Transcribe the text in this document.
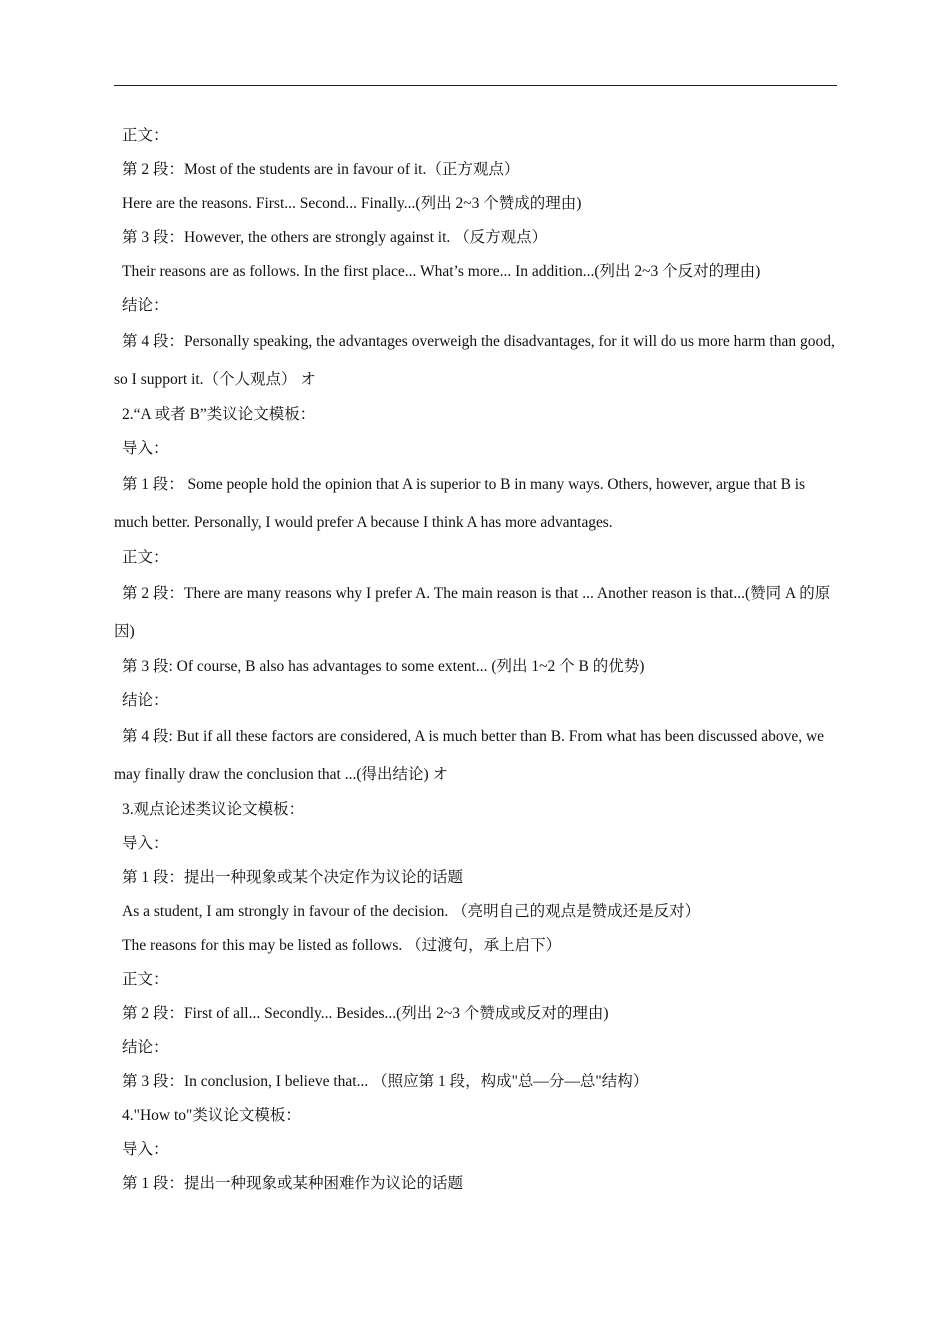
正文：
第 2 段：Most of the students are in favour of it.（正方观点）
Here are the reasons. First... Second... Finally...(列出 2~3 个赞成的理由)
第 3 段：However, the others are strongly against it. （反方观点）
Their reasons are as follows. In the first place... What’s more... In addition...(列出 2~3 个反对的理由)
结论：
第 4 段：Personally speaking, the advantages overweigh the disadvantages, for it will do us more harm than good, so I support it.（个人观点） オ
2.“A 或者 B”类议论文模板：
导入：
第 1 段： Some people hold the opinion that A is superior to B in many ways. Others, however, argue that B is much better. Personally, I would prefer A because I think A has more advantages.
正文：
第 2 段：There are many reasons why I prefer A. The main reason is that ... Another reason is that...(赞同 A 的原因)
第 3 段: Of course, B also has advantages to some extent... (列出 1~2 个 B 的优势)
结论：
第 4 段: But if all these factors are considered, A is much better than B. From what has been discussed above, we may finally draw the conclusion that ...(得出结论) オ
3.观点论述类议论文模板：
导入：
第 1 段：提出一种现象或某个决定作为议论的话题
As a student, I am strongly in favour of the decision. （亮明自己的观点是赞成还是反对）
The reasons for this may be listed as follows. （过渡句，承上启下）
正文：
第 2 段：First of all... Secondly... Besides...(列出 2~3 个赞成或反对的理由)
结论：
第 3 段：In conclusion, I believe that... （照应第 1 段，构成"总—分—总"结构）
4."How to"类议论文模板：
导入：
第 1 段：提出一种现象或某种困难作为议论的话题
